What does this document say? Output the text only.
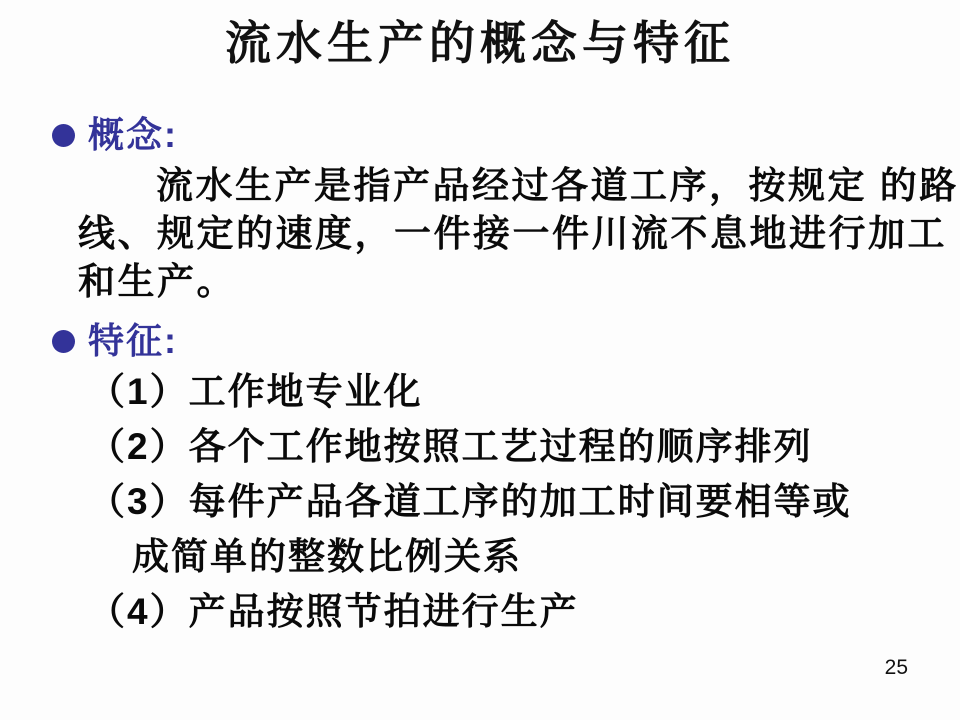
流水生产的概念与特征
概念:
流水生产是指产品经过各道工序，按规定 的路
线、规定的速度，一件接一件川流不息地进行加工
和生产。
特征:
（1）工作地专业化
（2）各个工作地按照工艺过程的顺序排列
（3）每件产品各道工序的加工时间要相等或
成简单的整数比例关系
（4）产品按照节拍进行生产
25
